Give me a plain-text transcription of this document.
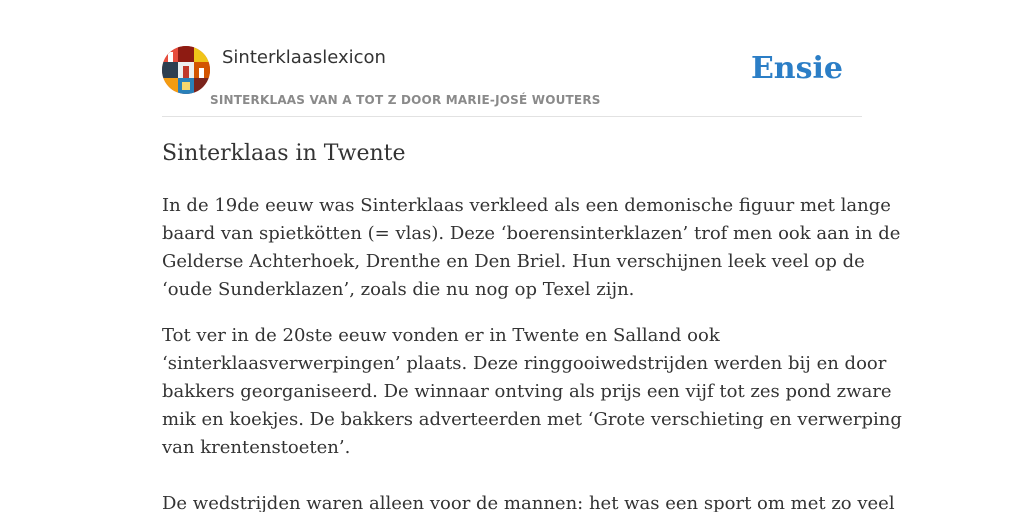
Sinterklaaslexicon
SINTERKLAAS VAN A TOT Z DOOR MARIE-JOSÉ WOUTERS
Ensie
Sinterklaas in Twente

In de 19de eeuw was Sinterklaas verkleed als een demonische figuur met lange
baard van spietkötten (= vlas). Deze ‘boerensinterklazen’ trof men ook aan in de
Gelderse Achterhoek, Drenthe en Den Briel. Hun verschijnen leek veel op de
‘oude Sunderklazen’, zoals die nu nog op Texel zijn.

Tot ver in de 20ste eeuw vonden er in Twente en Salland ook
‘sinterklaasverwerpingen’ plaats. Deze ringgooiwedstrijden werden bij en door
bakkers georganiseerd. De winnaar ontving als prijs een vijf tot zes pond zware
mik en koekjes. De bakkers adverteerden met ‘Grote verschieting en verwerping
van krentenstoeten’.

De wedstrijden waren alleen voor de mannen: het was een sport om met zo veel
